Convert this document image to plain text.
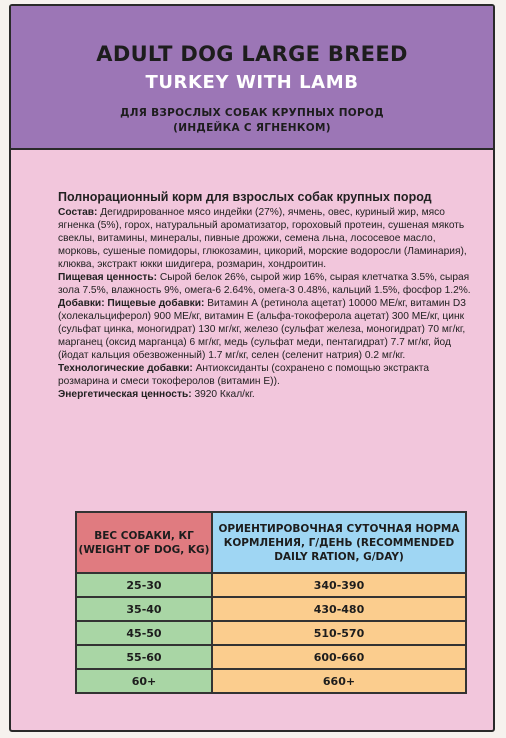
ADULT DOG LARGE BREED
TURKEY WITH LAMB
ДЛЯ ВЗРОСЛЫХ СОБАК КРУПНЫХ ПОРОД
(ИНДЕЙКА С ЯГНЕНКОМ)
Полнорационный корм для взрослых собак крупных пород

Состав: Дегидрированное мясо индейки (27%), ячмень, овес, куриный жир, мясо ягненка (5%), горох, натуральный ароматизатор, гороховый протеин, сушеная мякоть свеклы, витамины, минералы, пивные дрожжи, семена льна, лососевое масло, морковь, сушеные помидоры, глюкозамин, цикорий, морские водоросли (Ламинария), клюква, экстракт юкки шидигера, розмарин, хондроитин.

Пищевая ценность: Сырой белок 26%, сырой жир 16%, сырая клетчатка 3.5%, сырая зола 7.5%, влажность 9%, омега-6 2.64%, омега-3 0.48%, кальций 1.5%, фосфор 1.2%.

Добавки: Пищевые добавки: Витамин А (ретинола ацетат) 10000 МЕ/кг, витамин D3 (холекальциферол) 900 МЕ/кг, витамин Е (альфа-токоферола ацетат) 300 МЕ/кг, цинк (сульфат цинка, моногидрат) 130 мг/кг, железо (сульфат железа, моногидрат) 70 мг/кг, марганец (оксид марганца) 6 мг/кг, медь (сульфат меди, пентагидрат) 7.7 мг/кг, йод (йодат кальция обезвоженный) 1.7 мг/кг, селен (селенит натрия) 0.2 мг/кг.

Технологические добавки: Антиоксиданты (сохранено с помощью экстракта розмарина и смеси токоферолов (витамин Е)).

Энергетическая ценность: 3920 Ккал/кг.

ВЕС СОБАКИ, КГ (WEIGHT OF DOG, KG)
ОРИЕНТИРОВОЧНАЯ СУТОЧНАЯ НОРМА КОРМЛЕНИЯ, Г/ДЕНЬ (RECOMMENDED DAILY RATION, G/DAY)
25-30	340-390
35-40	430-480
45-50	510-570
55-60	600-660
60+	660+
